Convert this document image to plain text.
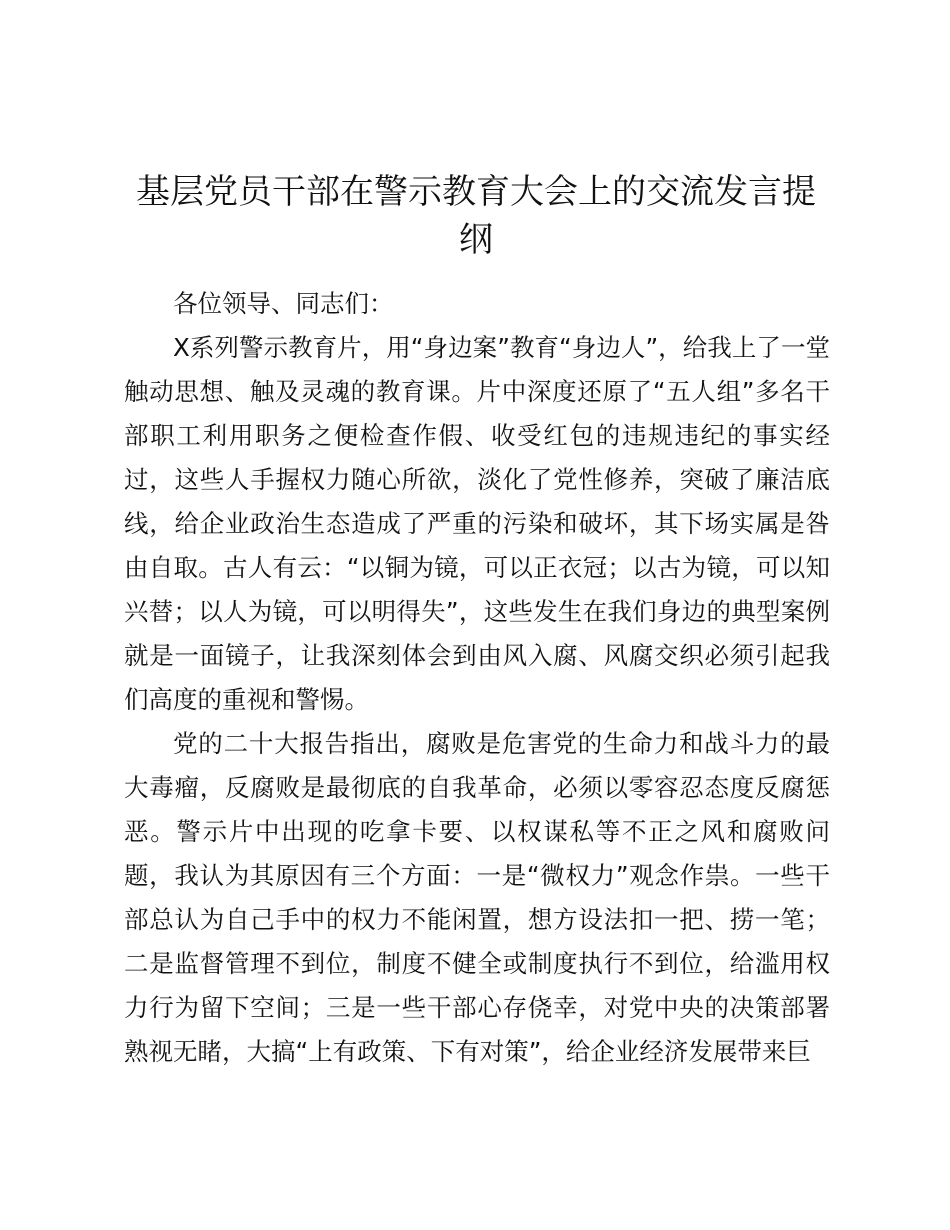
基层党员干部在警示教育大会上的交流发言提纲

各位领导、同志们：

X系列警示教育片，用“身边案”教育“身边人”，给我上了一堂触动思想、触及灵魂的教育课。片中深度还原了“五人组”多名干部职工利用职务之便检查作假、收受红包的违规违纪的事实经过，这些人手握权力随心所欲，淡化了党性修养，突破了廉洁底线，给企业政治生态造成了严重的污染和破坏，其下场实属是咎由自取。古人有云：“以铜为镜，可以正衣冠；以古为镜，可以知兴替；以人为镜，可以明得失”，这些发生在我们身边的典型案例就是一面镜子，让我深刻体会到由风入腐、风腐交织必须引起我们高度的重视和警惕。

党的二十大报告指出，腐败是危害党的生命力和战斗力的最大毒瘤，反腐败是最彻底的自我革命，必须以零容忍态度反腐惩恶。警示片中出现的吃拿卡要、以权谋私等不正之风和腐败问题，我认为其原因有三个方面：一是“微权力”观念作祟。一些干部总认为自己手中的权力不能闲置，想方设法扣一把、捞一笔；二是监督管理不到位，制度不健全或制度执行不到位，给滥用权力行为留下空间；三是一些干部心存侥幸，对党中央的决策部署熟视无睹，大搞“上有政策、下有对策”，给企业经济发展带来巨
